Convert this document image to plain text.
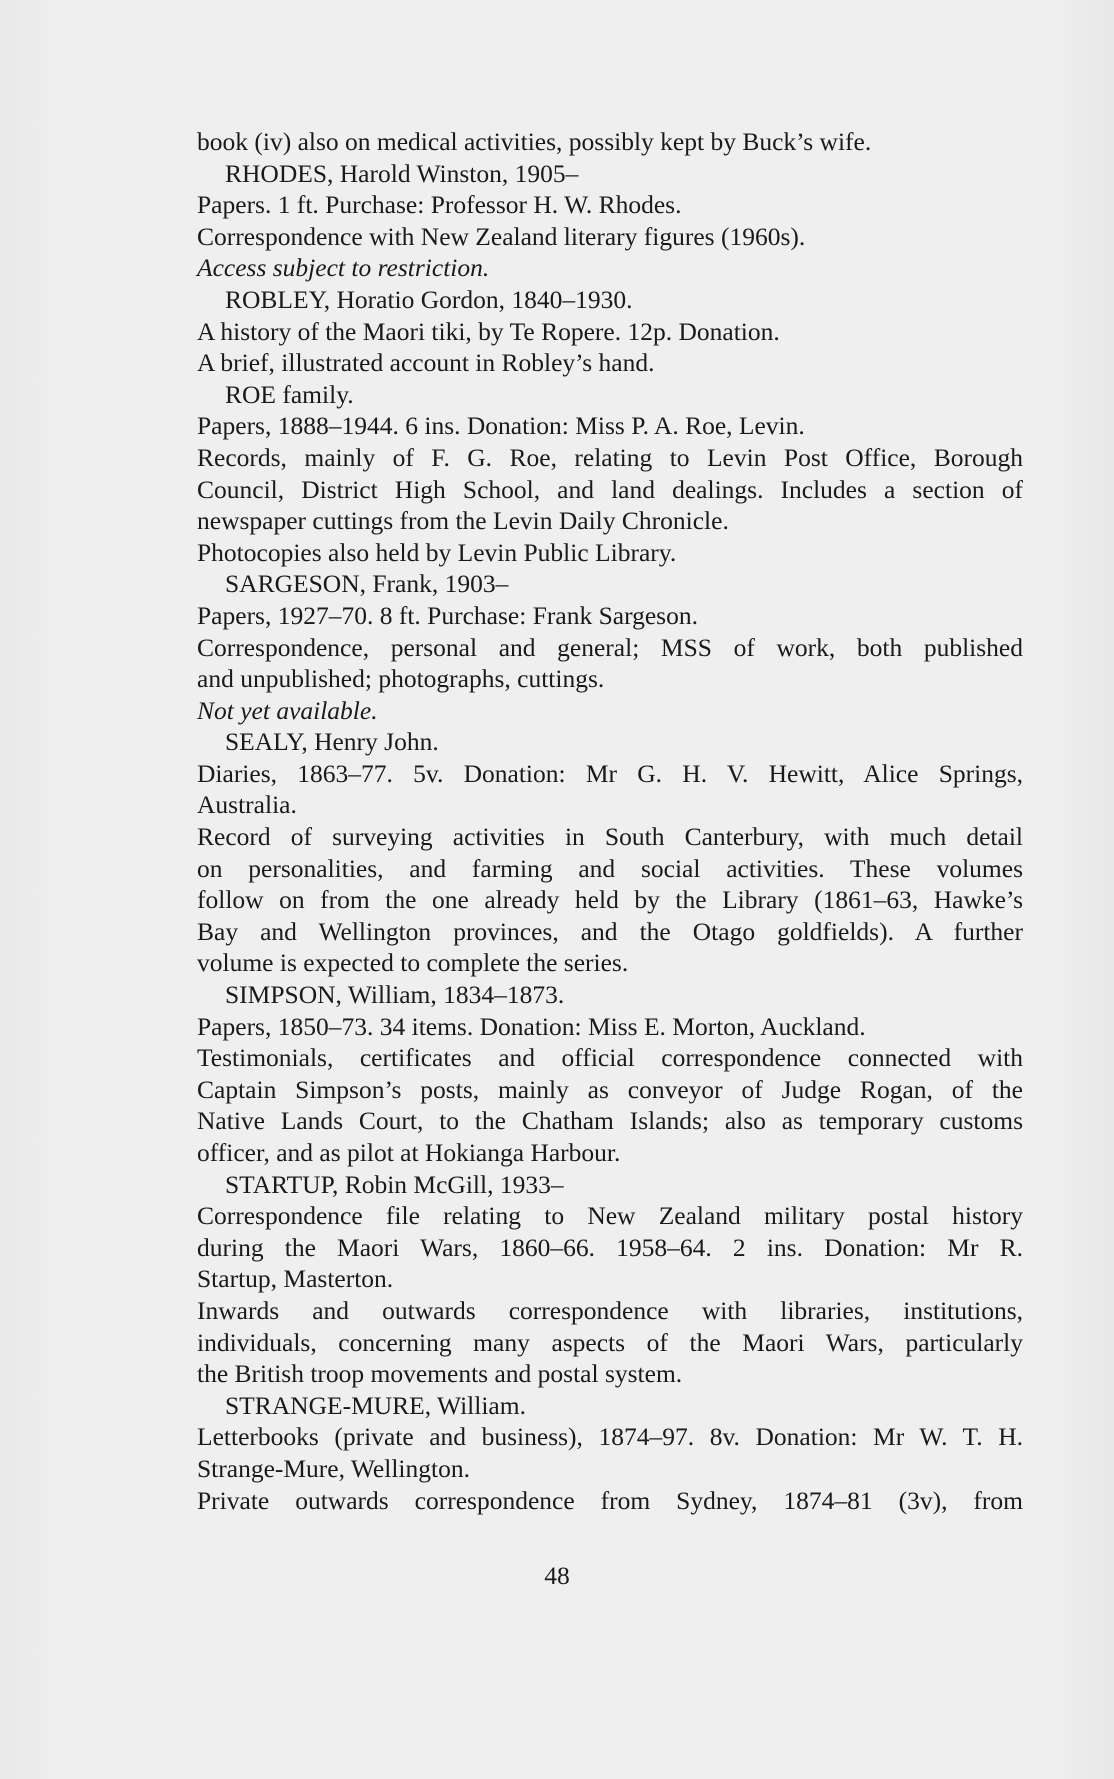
book (iv) also on medical activities, possibly kept by Buck’s wife.
RHODES, Harold Winston, 1905–
Papers. 1 ft. Purchase: Professor H. W. Rhodes.
Correspondence with New Zealand literary figures (1960s).
Access subject to restriction.
ROBLEY, Horatio Gordon, 1840–1930.
A history of the Maori tiki, by Te Ropere. 12p. Donation.
A brief, illustrated account in Robley’s hand.
ROE family.
Papers, 1888–1944. 6 ins. Donation: Miss P. A. Roe, Levin.
Records, mainly of F. G. Roe, relating to Levin Post Office, Borough
Council, District High School, and land dealings. Includes a section of
newspaper cuttings from the Levin Daily Chronicle.
Photocopies also held by Levin Public Library.
SARGESON, Frank, 1903–
Papers, 1927–70. 8 ft. Purchase: Frank Sargeson.
Correspondence, personal and general; MSS of work, both published
and unpublished; photographs, cuttings.
Not yet available.
SEALY, Henry John.
Diaries, 1863–77. 5v. Donation: Mr G. H. V. Hewitt, Alice Springs,
Australia.
Record of surveying activities in South Canterbury, with much detail
on personalities, and farming and social activities. These volumes
follow on from the one already held by the Library (1861–63, Hawke’s
Bay and Wellington provinces, and the Otago goldfields). A further
volume is expected to complete the series.
SIMPSON, William, 1834–1873.
Papers, 1850–73. 34 items. Donation: Miss E. Morton, Auckland.
Testimonials, certificates and official correspondence connected with
Captain Simpson’s posts, mainly as conveyor of Judge Rogan, of the
Native Lands Court, to the Chatham Islands; also as temporary customs
officer, and as pilot at Hokianga Harbour.
STARTUP, Robin McGill, 1933–
Correspondence file relating to New Zealand military postal history
during the Maori Wars, 1860–66. 1958–64. 2 ins. Donation: Mr R.
Startup, Masterton.
Inwards and outwards correspondence with libraries, institutions,
individuals, concerning many aspects of the Maori Wars, particularly
the British troop movements and postal system.
STRANGE-MURE, William.
Letterbooks (private and business), 1874–97. 8v. Donation: Mr W. T. H.
Strange-Mure, Wellington.
Private outwards correspondence from Sydney, 1874–81 (3v), from
48
